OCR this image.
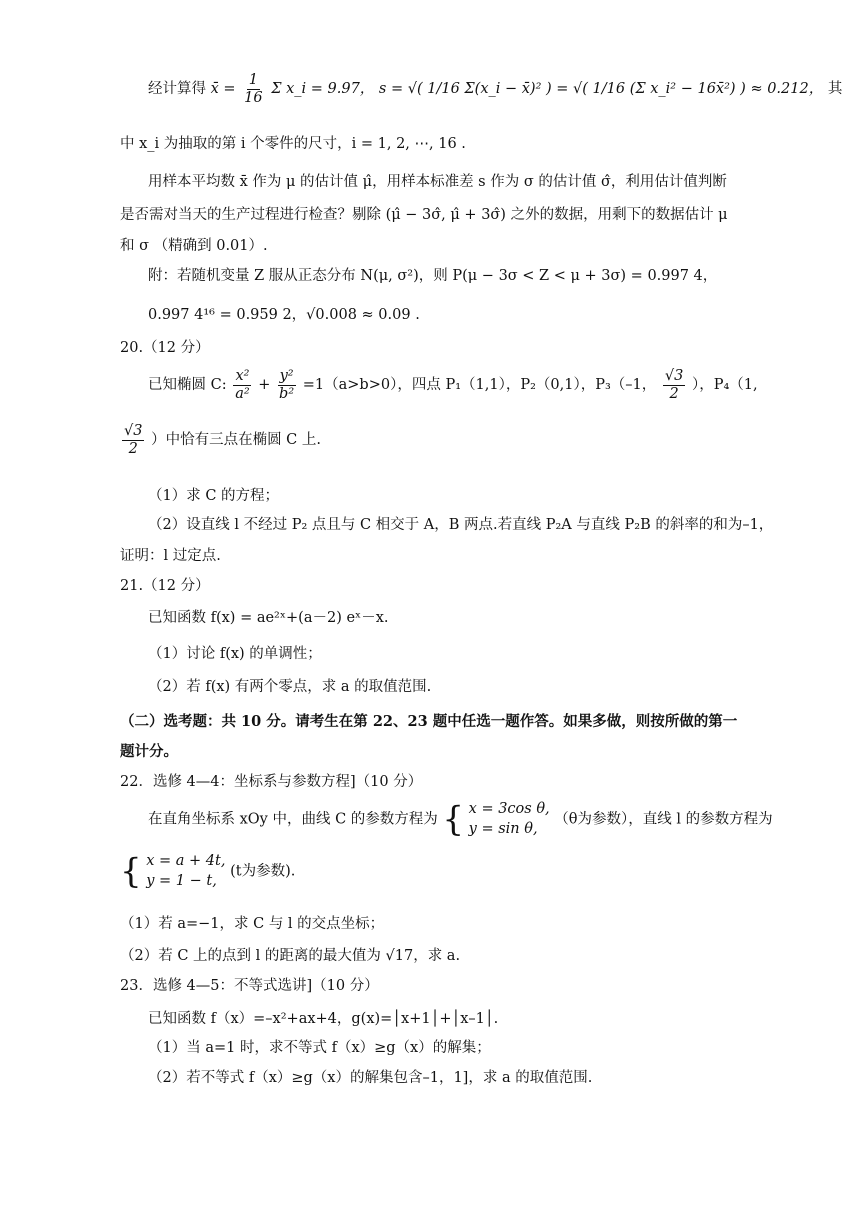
经计算得 x̄ = $\frac{1}{16}$ Σ x_i = 9.97， s = √( 1/16 Σ(x_i − x̄)² ) = √( 1/16 (Σ x_i² − 16x̄²) ) ≈ 0.212， 其
中 x_i 为抽取的第 i 个零件的尺寸，i = 1, 2, ⋯, 16 .
用样本平均数 x̄ 作为 μ 的估计值 μ̂，用样本标准差 s 作为 σ 的估计值 σ̂，利用估计值判断
是否需对当天的生产过程进行检查？剔除 (μ̂ − 3σ̂, μ̂ + 3σ̂) 之外的数据，用剩下的数据估计 μ
和 σ （精确到 0.01）.
附：若随机变量 Z 服从正态分布 N(μ, σ²)，则 P(μ − 3σ < Z < μ + 3σ) = 0.997 4，
0.997 4¹⁶ = 0.959 2，√0.008 ≈ 0.09 .
20.（12 分）
已知椭圆 C: $\frac{\text{x²}}{\text{a²}} + \frac{\text{y²}}{\text{b²}} =1(a>b>0)$，四点 P₁（1,1），P₂（0,1），P₃（–1， $\frac{√3}{2}$ ），P₄（1,
$\frac{√3}{2}$ ）中恰有三点在椭圆 C 上.
（1）求 C 的方程；
（2）设直线 l 不经过 P₂ 点且与 C 相交于 A，B 两点.若直线 P₂A 与直线 P₂B 的斜率的和为–1，
证明：l 过定点.
21.（12 分）
已知函数 f(x) = ae²ˣ+(a－2) eˣ－x.
（1）讨论 f(x) 的单调性；
（2）若 f(x) 有两个零点，求 a 的取值范围.
（二）选考题：共 10 分。请考生在第 22、23 题中任选一题作答。如果多做，则按所做的第一
题计分。
22．选修 4—4：坐标系与参数方程]（10 分）
在直角坐标系 xOy 中，曲线 C 的参数方程为 { x = 3cos θ,
y = sin θ,
（θ为参数），直线 l 的参数方程为
{ x = a + 4t,
y = 1 − t,
(t为参数).
（1）若 a=−1，求 C 与 l 的交点坐标；
（2）若 C 上的点到 l 的距离的最大值为 √17，求 a.
23．选修 4—5：不等式选讲]（10 分）
已知函数 f（x）=–x²+ax+4，g(x)=│x+1│+│x–1│.
（1）当 a=1 时，求不等式 f（x）≥g（x）的解集；
（2）若不等式 f（x）≥g（x）的解集包含–1，1]，求 a 的取值范围.
